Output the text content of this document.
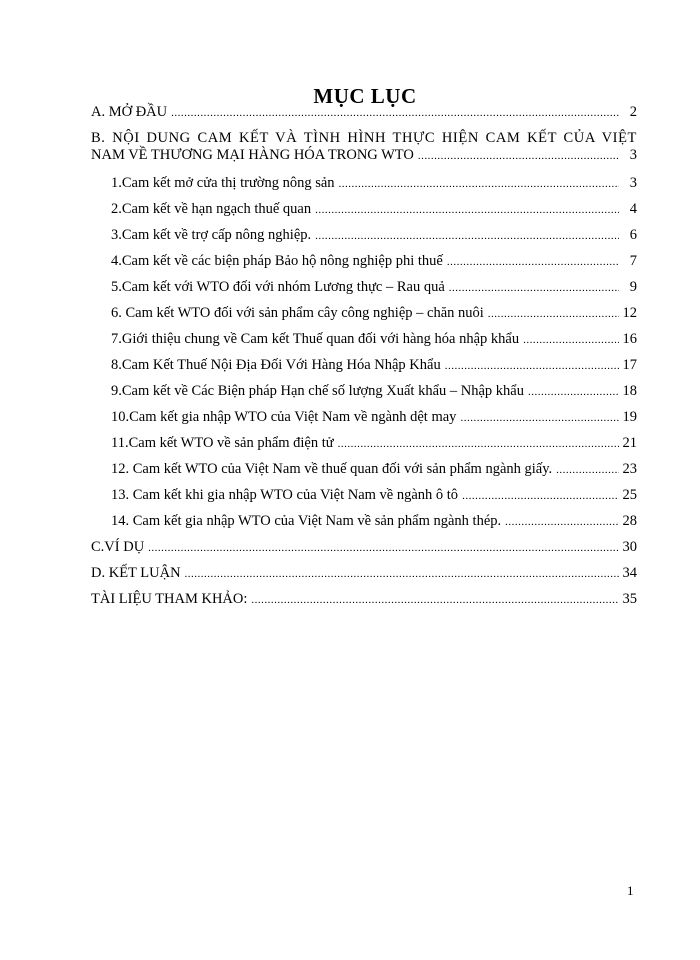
MỤC LỤC
A. MỞ ĐẦU .....	2
B. NỘI DUNG CAM KẾT VÀ TÌNH HÌNH THỰC HIỆN CAM KẾT CỦA VIỆT
NAM VỀ THƯƠNG MẠI HÀNG HÓA TRONG WTO .....	3
1.Cam kết mở cửa thị trường nông sản .....	3
2.Cam kết về hạn ngạch thuế quan .....	4
3.Cam kết về trợ cấp nông nghiệp. .....	6
4.Cam kết về các biện pháp Bảo hộ nông nghiệp phi thuế .....	7
5.Cam kết với WTO đối với nhóm Lương thực – Rau quả .....	9
6. Cam kết WTO đối với sản phẩm cây công nghiệp – chăn nuôi .....	12
7.Giới thiệu chung về Cam kết Thuế quan đối với hàng hóa nhập khẩu .....	16
8.Cam Kết Thuế Nội Địa Đối Với Hàng Hóa Nhập Khẩu .....	17
9.Cam kết về Các Biện pháp Hạn chế số lượng Xuất khẩu – Nhập khẩu .....	18
10.Cam kết gia nhập WTO của Việt Nam về ngành dệt may .....	19
11.Cam kết WTO về sản phẩm điện tử .....	21
12. Cam kết WTO của Việt Nam về thuế quan đối với sản phẩm ngành giấy. .....	23
13. Cam kết khi gia nhập WTO của Việt Nam về ngành ô tô .....	25
14. Cam kết gia nhập WTO của Việt Nam về sản phẩm ngành thép. .....	28
C.VÍ DỤ .....	30
D. KẾT LUẬN .....	34
TÀI LIỆU THAM KHẢO: .....	35
1
